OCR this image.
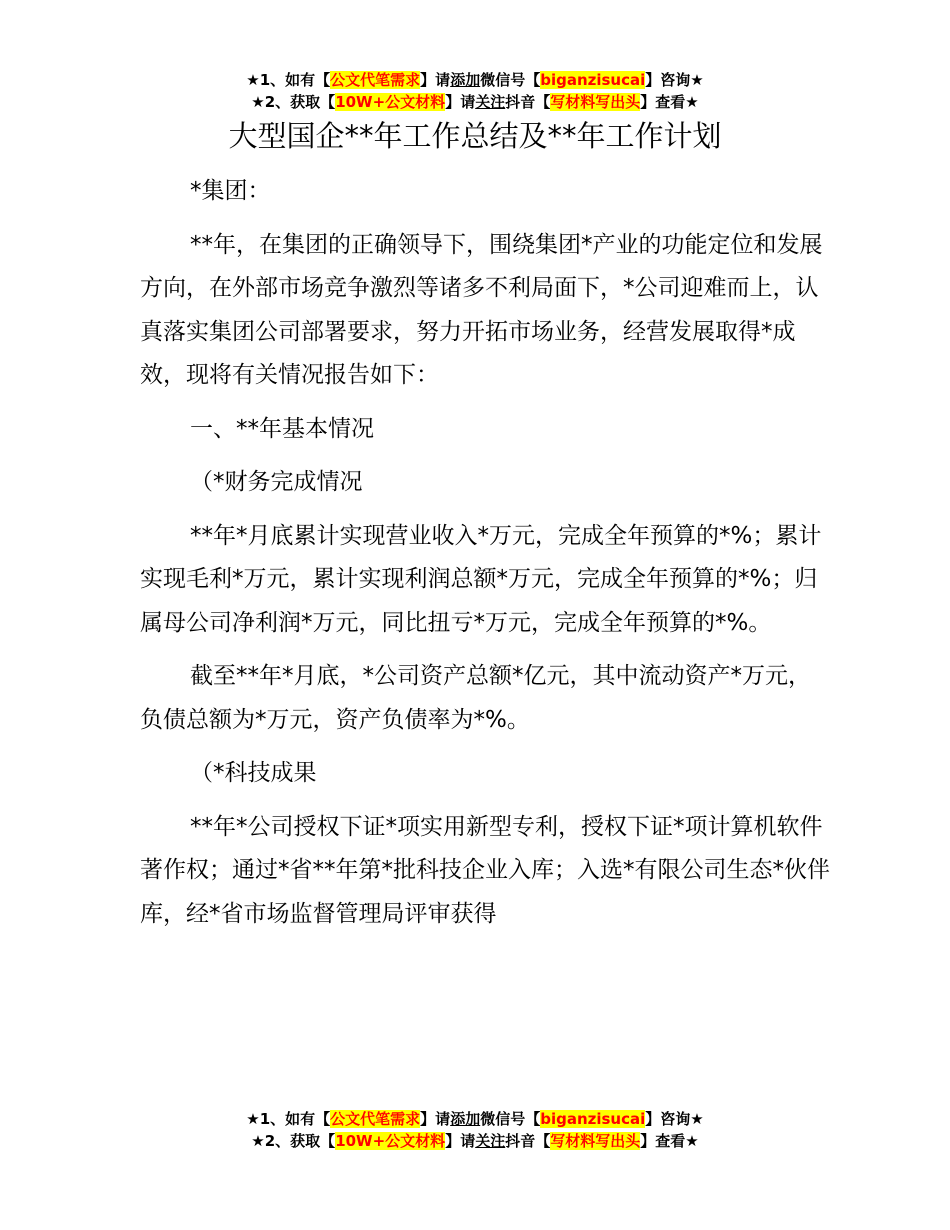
★1、如有【公文代笔需求】请添加微信号【biganzisucai】咨询★
★2、获取【10W+公文材料】请关注抖音【写材料写出头】查看★
大型国企**年工作总结及**年工作计划

*集团：

**年，在集团的正确领导下，围绕集团*产业的功能定位和发展方向，在外部市场竞争激烈等诸多不利局面下，*公司迎难而上，认真落实集团公司部署要求，努力开拓市场业务，经营发展取得*成效，现将有关情况报告如下：

一、**年基本情况

（*财务完成情况

**年*月底累计实现营业收入*万元，完成全年预算的*%；累计实现毛利*万元，累计实现利润总额*万元，完成全年预算的*%；归属母公司净利润*万元，同比扭亏*万元，完成全年预算的*%。

截至**年*月底，*公司资产总额*亿元，其中流动资产*万元，负债总额为*万元，资产负债率为*%。

（*科技成果

**年*公司授权下证*项实用新型专利，授权下证*项计算机软件著作权；通过*省**年第*批科技企业入库；入选*有限公司生态*伙伴库，经*省市场监督管理局评审获得

★1、如有【公文代笔需求】请添加微信号【biganzisucai】咨询★
★2、获取【10W+公文材料】请关注抖音【写材料写出头】查看★
